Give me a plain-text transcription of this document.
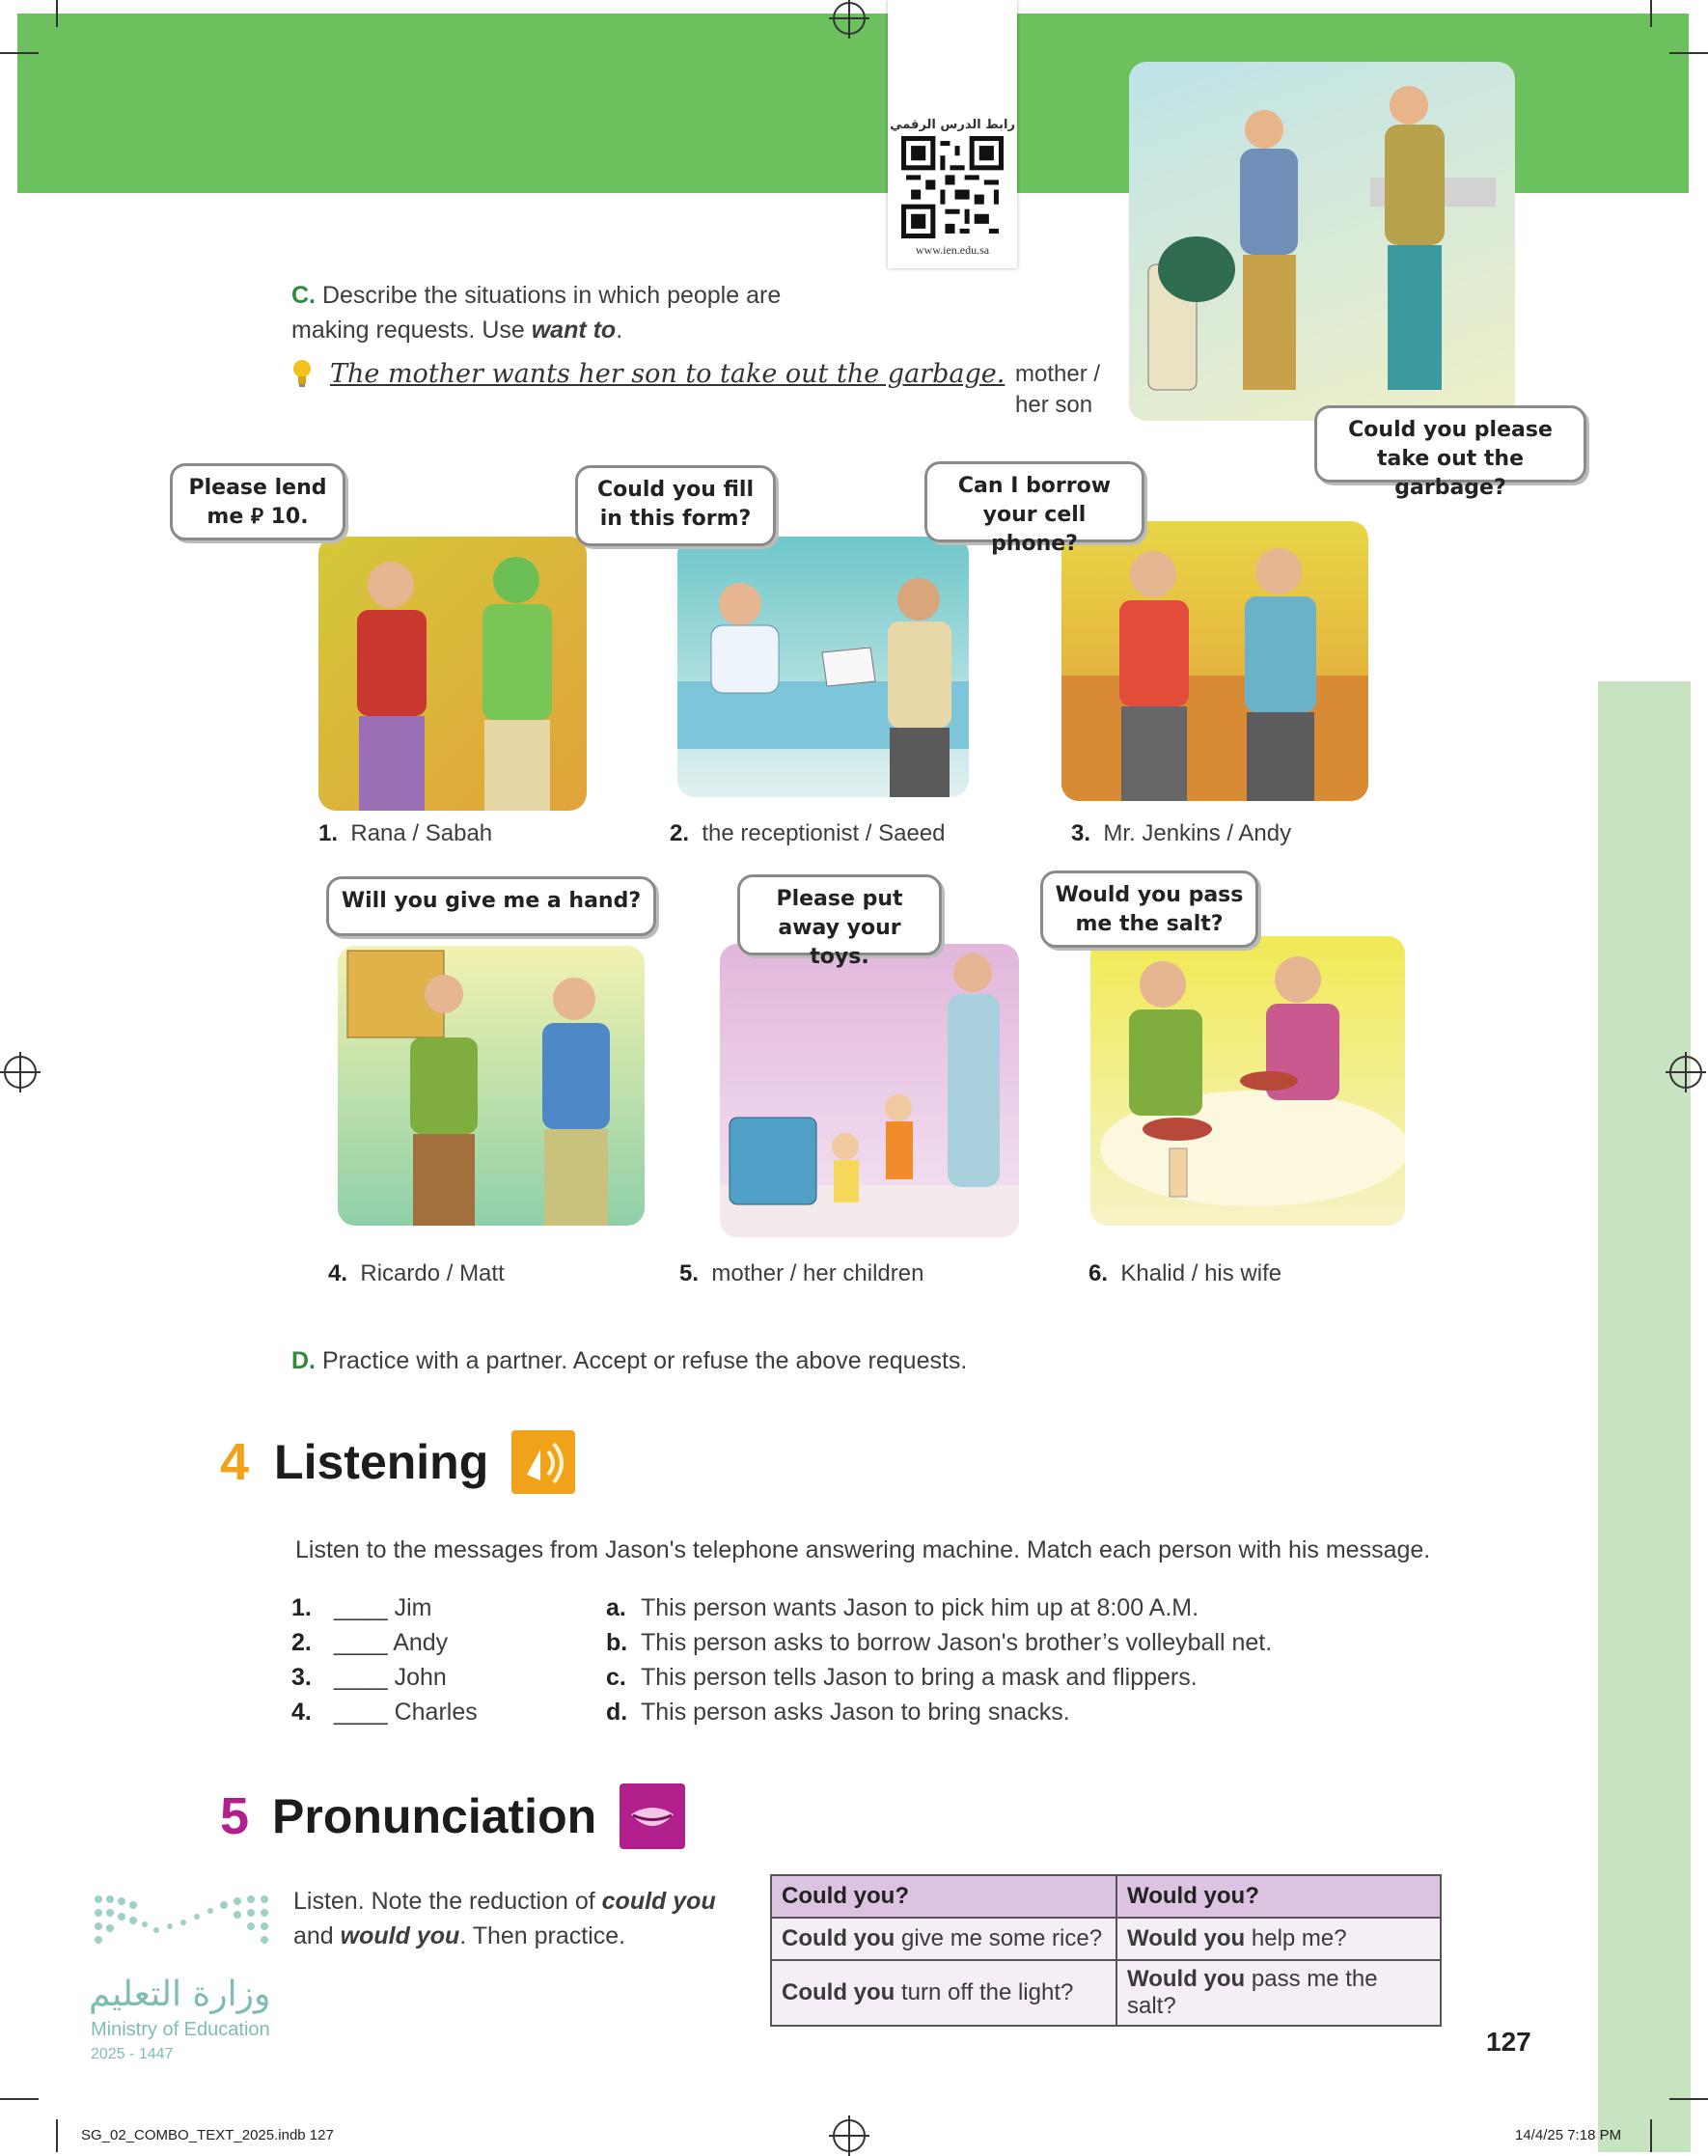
رابط الدرس الرقمي
www.ien.edu.sa
C. Describe the situations in which people are making requests. Use want to.
The mother wants her son to take out the garbage. mother /
her son
Could you please take out the garbage?
Please lend me ⃁ 10.
1. Rana / Sabah
Could you fill in this form?
2. the receptionist / Saeed
Can I borrow your cell phone?
3. Mr. Jenkins / Andy
Will you give me a hand?
4. Ricardo / Matt
Please put away your toys.
5. mother / her children
Would you pass me the salt?
6. Khalid / his wife
D. Practice with a partner. Accept or refuse the above requests.
4 Listening
Listen to the messages from Jason's telephone answering machine. Match each person with his message.
1. ____ Jim
2. ____ Andy
3. ____ John
4. ____ Charles
a. This person wants Jason to pick him up at 8:00 A.M.
b. This person asks to borrow Jason's brother’s volleyball net.
c. This person tells Jason to bring a mask and flippers.
d. This person asks Jason to bring snacks.
5 Pronunciation
وزارة التعليم
Ministry of Education
2025 - 1447
Listen. Note the reduction of could you
and would you. Then practice.
Could you?	Would you?
Could you give me some rice?	Would you help me?
Could you turn off the light?	Would you pass me the salt?
127
SG_02_COMBO_TEXT_2025.indb 127	14/4/25 7:18 PM
